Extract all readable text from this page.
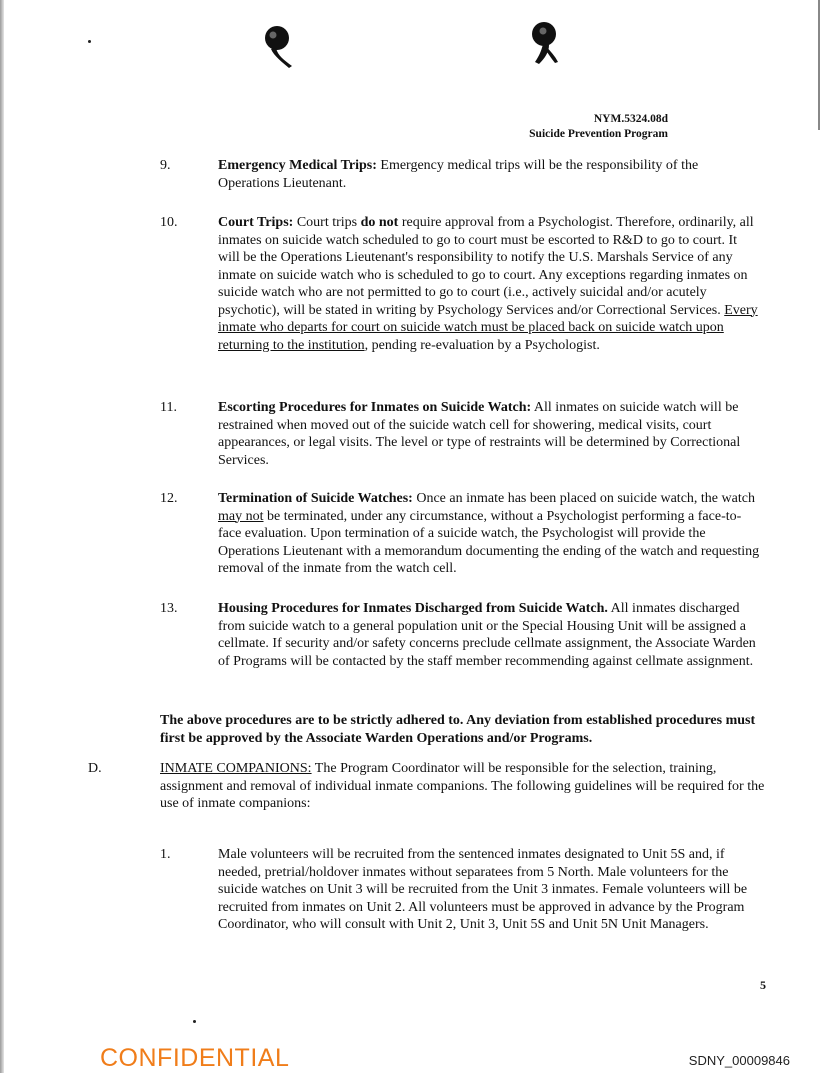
NYM.5324.08d
Suicide Prevention Program
9.	Emergency Medical Trips: Emergency medical trips will be the responsibility of the Operations Lieutenant.
10.	Court Trips: Court trips do not require approval from a Psychologist. Therefore, ordinarily, all inmates on suicide watch scheduled to go to court must be escorted to R&D to go to court. It will be the Operations Lieutenant's responsibility to notify the U.S. Marshals Service of any inmate on suicide watch who is scheduled to go to court. Any exceptions regarding inmates on suicide watch who are not permitted to go to court (i.e., actively suicidal and/or acutely psychotic), will be stated in writing by Psychology Services and/or Correctional Services. Every inmate who departs for court on suicide watch must be placed back on suicide watch upon returning to the institution, pending re-evaluation by a Psychologist.
11.	Escorting Procedures for Inmates on Suicide Watch: All inmates on suicide watch will be restrained when moved out of the suicide watch cell for showering, medical visits, court appearances, or legal visits. The level or type of restraints will be determined by Correctional Services.
12.	Termination of Suicide Watches: Once an inmate has been placed on suicide watch, the watch may not be terminated, under any circumstance, without a Psychologist performing a face-to-face evaluation. Upon termination of a suicide watch, the Psychologist will provide the Operations Lieutenant with a memorandum documenting the ending of the watch and requesting removal of the inmate from the watch cell.
13.	Housing Procedures for Inmates Discharged from Suicide Watch. All inmates discharged from suicide watch to a general population unit or the Special Housing Unit will be assigned a cellmate. If security and/or safety concerns preclude cellmate assignment, the Associate Warden of Programs will be contacted by the staff member recommending against cellmate assignment.
The above procedures are to be strictly adhered to. Any deviation from established procedures must first be approved by the Associate Warden Operations and/or Programs.
D.	INMATE COMPANIONS: The Program Coordinator will be responsible for the selection, training, assignment and removal of individual inmate companions. The following guidelines will be required for the use of inmate companions:
1.	Male volunteers will be recruited from the sentenced inmates designated to Unit 5S and, if needed, pretrial/holdover inmates without separatees from 5 North. Male volunteers for the suicide watches on Unit 3 will be recruited from the Unit 3 inmates. Female volunteers will be recruited from inmates on Unit 2. All volunteers must be approved in advance by the Program Coordinator, who will consult with Unit 2, Unit 3, Unit 5S and Unit 5N Unit Managers.
5
CONFIDENTIAL	SDNY_00009846
